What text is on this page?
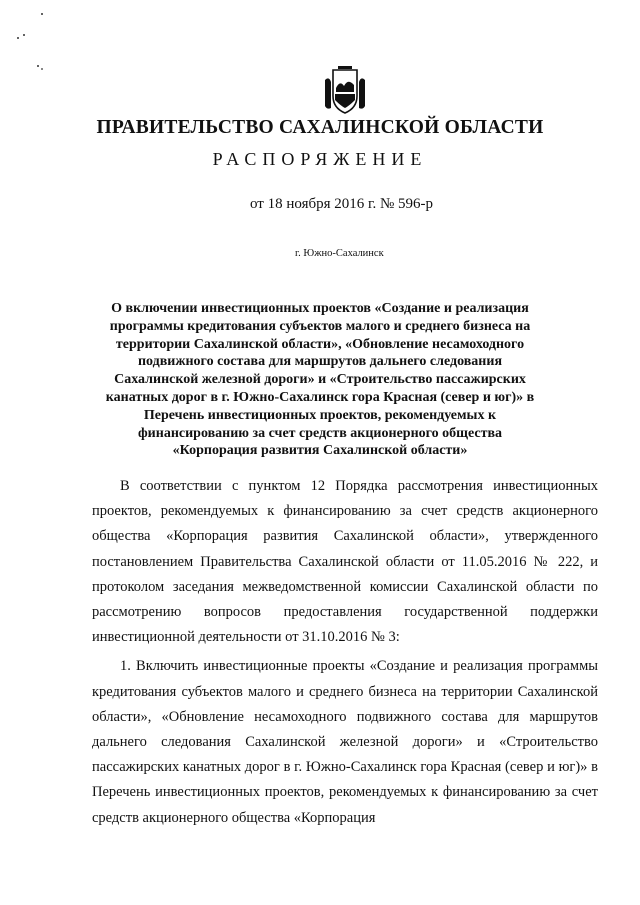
ПРАВИТЕЛЬСТВО САХАЛИНСКОЙ ОБЛАСТИ
РАСПОРЯЖЕНИЕ
от 18 ноября 2016 г. № 596-р
г. Южно-Сахалинск
О включении инвестиционных проектов «Создание и реализация программы кредитования субъектов малого и среднего бизнеса на территории Сахалинской области», «Обновление несамоходного подвижного состава для маршрутов дальнего следования Сахалинской железной дороги» и «Строительство пассажирских канатных дорог в г. Южно-Сахалинск гора Красная (север и юг)» в Перечень инвестиционных проектов, рекомендуемых к финансированию за счет средств акционерного общества «Корпорация развития Сахалинской области»

В соответствии с пунктом 12 Порядка рассмотрения инвестиционных проектов, рекомендуемых к финансированию за счет средств акционерного общества «Корпорация развития Сахалинской области», утвержденного постановлением Правительства Сахалинской области от 11.05.2016 № 222, и протоколом заседания межведомственной комиссии Сахалинской области по рассмотрению вопросов предоставления государственной поддержки инвестиционной деятельности от 31.10.2016 № 3:

1. Включить инвестиционные проекты «Создание и реализация программы кредитования субъектов малого и среднего бизнеса на территории Сахалинской области», «Обновление несамоходного подвижного состава для маршрутов дальнего следования Сахалинской железной дороги» и «Строительство пассажирских канатных дорог в г. Южно-Сахалинск гора Красная (север и юг)» в Перечень инвестиционных проектов, рекомендуемых к финансированию за счет средств акционерного общества «Корпорация
